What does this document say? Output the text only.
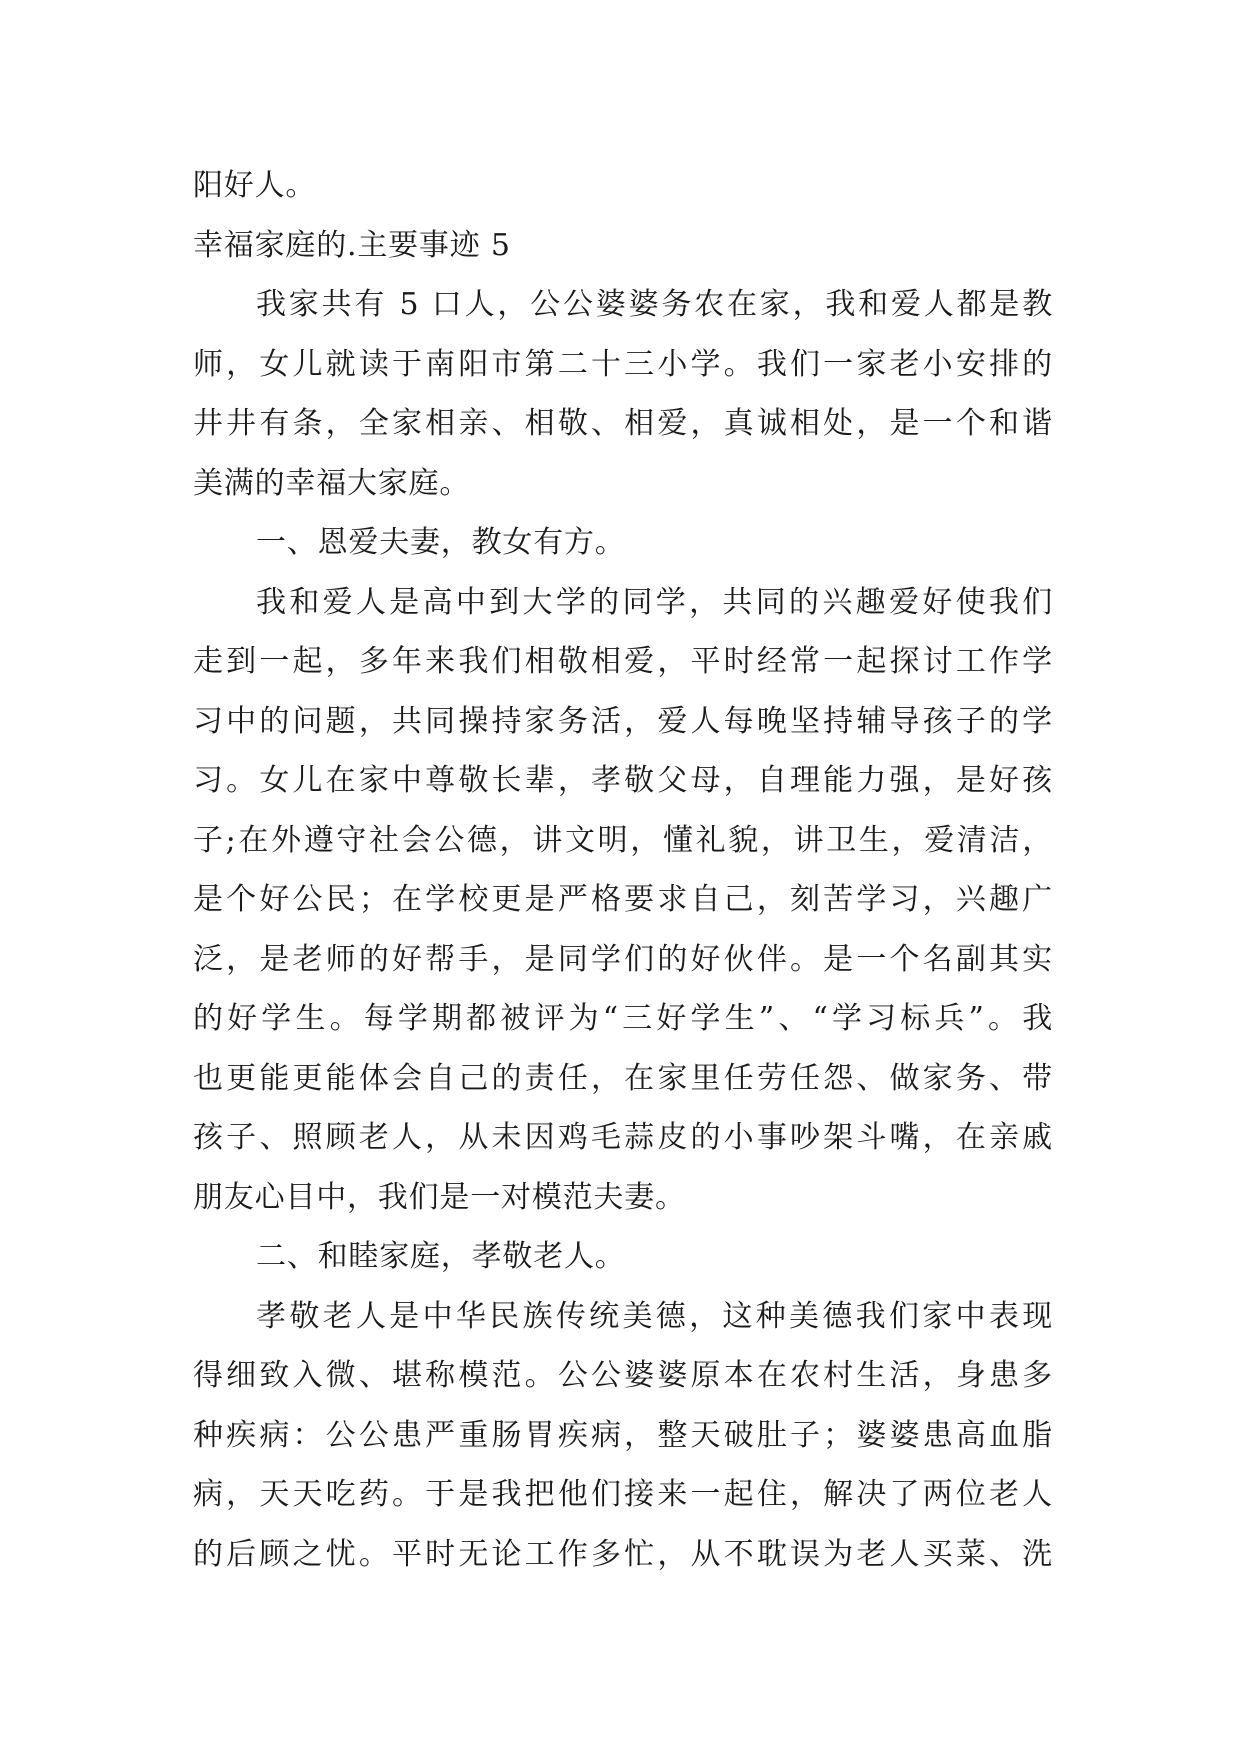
阳好人。
幸福家庭的.主要事迹 5
我家共有 5 口人，公公婆婆务农在家，我和爱人都是教
师，女儿就读于南阳市第二十三小学。我们一家老小安排的
井井有条，全家相亲、相敬、相爱，真诚相处，是一个和谐
美满的幸福大家庭。
一、恩爱夫妻，教女有方。
我和爱人是高中到大学的同学，共同的兴趣爱好使我们
走到一起，多年来我们相敬相爱，平时经常一起探讨工作学
习中的问题，共同操持家务活，爱人每晚坚持辅导孩子的学
习。女儿在家中尊敬长辈，孝敬父母，自理能力强，是好孩
子;在外遵守社会公德，讲文明，懂礼貌，讲卫生，爱清洁，
是个好公民；在学校更是严格要求自己，刻苦学习，兴趣广
泛，是老师的好帮手，是同学们的好伙伴。是一个名副其实
的好学生。每学期都被评为“三好学生”、“学习标兵”。我
也更能更能体会自己的责任，在家里任劳任怨、做家务、带
孩子、照顾老人，从未因鸡毛蒜皮的小事吵架斗嘴，在亲戚
朋友心目中，我们是一对模范夫妻。
二、和睦家庭，孝敬老人。
孝敬老人是中华民族传统美德，这种美德我们家中表现
得细致入微、堪称模范。公公婆婆原本在农村生活，身患多
种疾病：公公患严重肠胃疾病，整天破肚子；婆婆患高血脂
病，天天吃药。于是我把他们接来一起住，解决了两位老人
的后顾之忧。平时无论工作多忙，从不耽误为老人买菜、洗
